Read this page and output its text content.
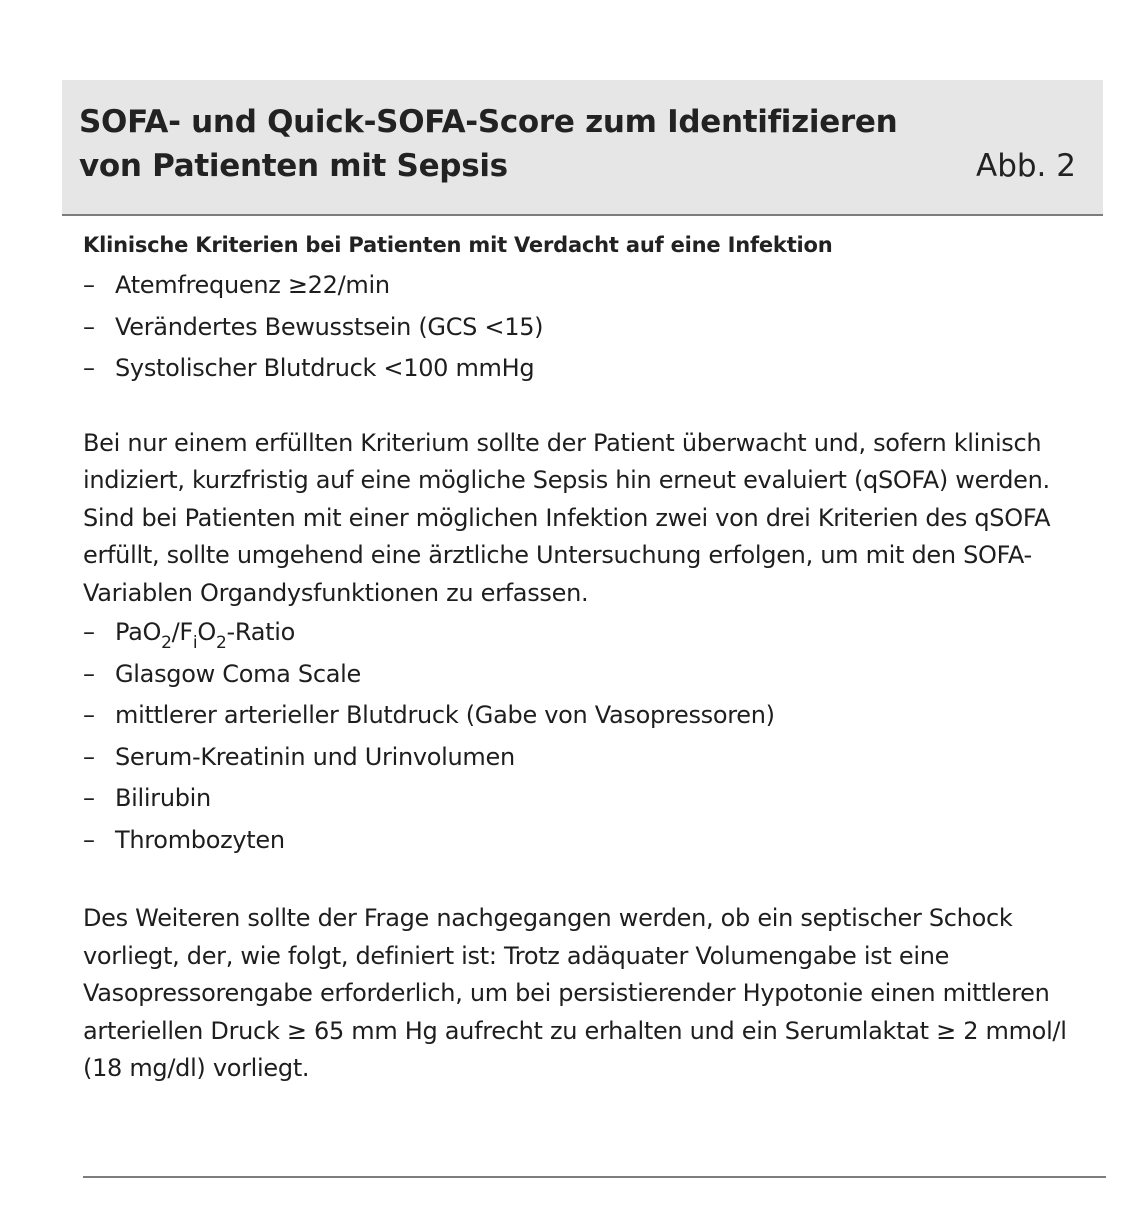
SOFA- und Quick-SOFA-Score zum Identifizieren
von Patienten mit Sepsis	Abb. 2

Klinische Kriterien bei Patienten mit Verdacht auf eine Infektion

– Atemfrequenz ≥22/min
– Verändertes Bewusstsein (GCS <15)
– Systolischer Blutdruck <100 mmHg

Bei nur einem erfüllten Kriterium sollte der Patient überwacht und, sofern klinisch indiziert, kurzfristig auf eine mögliche Sepsis hin erneut evaluiert (qSOFA) werden. Sind bei Patienten mit einer möglichen Infektion zwei von drei Kriterien des qSOFA erfüllt, sollte umgehend eine ärztliche Untersuchung erfolgen, um mit den SOFA-Variablen Organdysfunktionen zu erfassen.

– $PaO_2/F_iO_2$-Ratio
– Glasgow Coma Scale
– mittlerer arterieller Blutdruck (Gabe von Vasopressoren)
– Serum-Kreatinin und Urinvolumen
– Bilirubin
– Thrombozyten

Des Weiteren sollte der Frage nachgegangen werden, ob ein septischer Schock vorliegt, der, wie folgt, definiert ist: Trotz adäquater Volumengabe ist eine Vasopressorengabe erforderlich, um bei persistierender Hypotonie einen mittleren arteriellen Druck ≥ 65 mm Hg aufrecht zu erhalten und ein Serumlaktat ≥ 2 mmol/l (18 mg/dl) vorliegt.
